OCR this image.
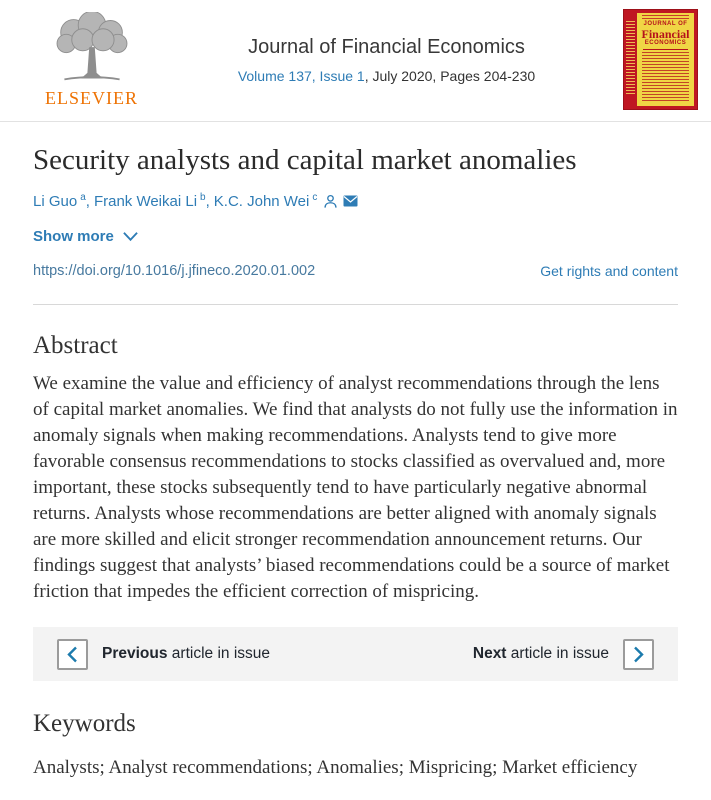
ELSEVIER
Journal of Financial Economics
Volume 137, Issue 1, July 2020, Pages 204-230
JOURNAL OF
Financial
ECONOMICS
Security analysts and capital market anomalies
Li Guo $^a$ , Frank Weikai Li $^b$ , K.C. John Wei $^c$
Show more
https://doi.org/10.1016/j.jfineco.2020.01.002	Get rights and content
Abstract

We examine the value and efficiency of analyst recommendations through the lens of capital market anomalies. We find that analysts do not fully use the information in anomaly signals when making recommendations. Analysts tend to give more favorable consensus recommendations to stocks classified as overvalued and, more important, these stocks subsequently tend to have particularly negative abnormal returns. Analysts whose recommendations are better aligned with anomaly signals are more skilled and elicit stronger recommendation announcement returns. Our findings suggest that analysts’ biased recommendations could be a source of market friction that impedes the efficient correction of mispricing.

Previous article in issue	Next article in issue
Keywords
Analysts; Analyst recommendations; Anomalies; Mispricing; Market efficiency
